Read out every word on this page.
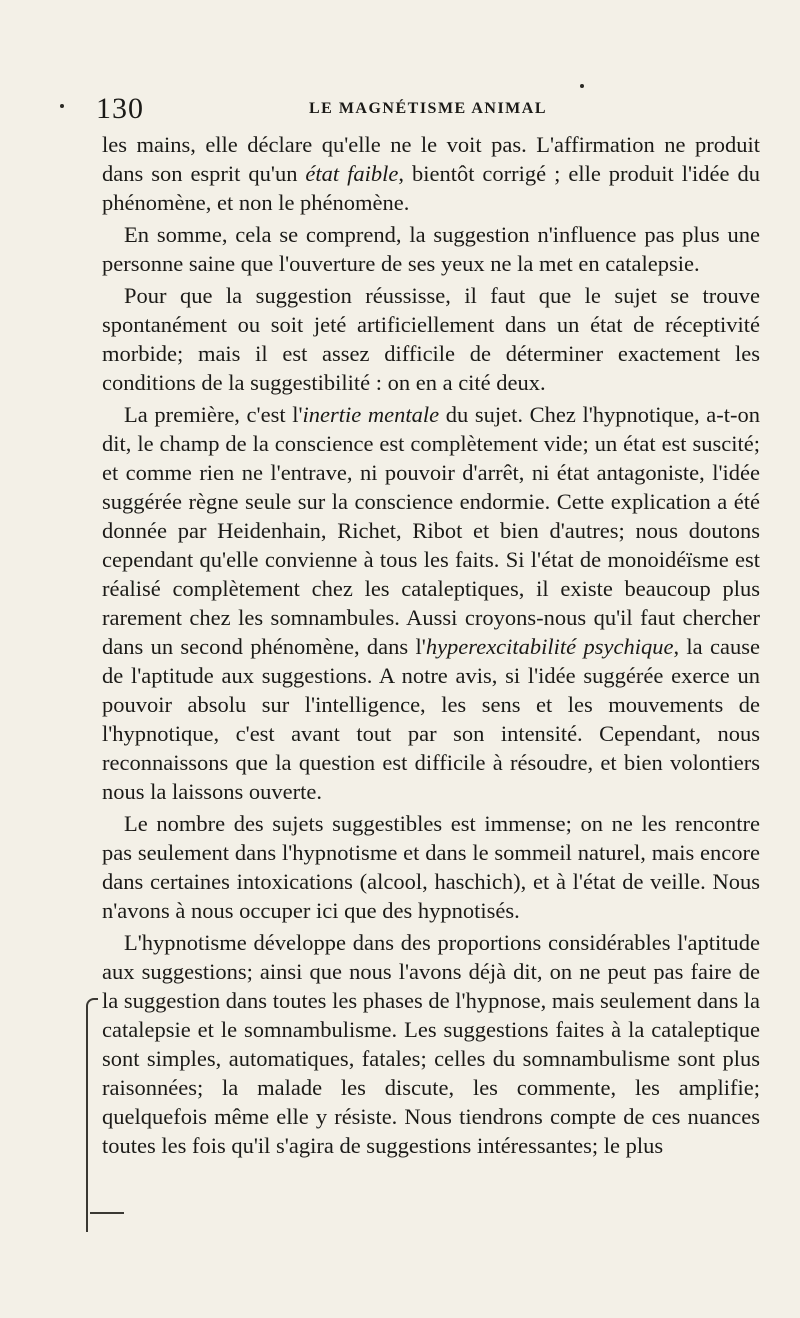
130	LE MAGNÉTISME ANIMAL

les mains, elle déclare qu'elle ne le voit pas. L'affirmation ne produit dans son esprit qu'un état faible, bientôt corrigé ; elle produit l'idée du phénomène, et non le phénomène.

En somme, cela se comprend, la suggestion n'influence pas plus une personne saine que l'ouverture de ses yeux ne la met en catalepsie.

Pour que la suggestion réussisse, il faut que le sujet se trouve spontanément ou soit jeté artificiellement dans un état de réceptivité morbide; mais il est assez difficile de déterminer exactement les conditions de la suggestibilité : on en a cité deux.

La première, c'est l'inertie mentale du sujet. Chez l'hypnotique, a-t-on dit, le champ de la conscience est complètement vide; un état est suscité; et comme rien ne l'entrave, ni pouvoir d'arrêt, ni état antagoniste, l'idée suggérée règne seule sur la conscience endormie. Cette explication a été donnée par Heidenhain, Richet, Ribot et bien d'autres; nous doutons cependant qu'elle convienne à tous les faits. Si l'état de monoidéïsme est réalisé complètement chez les cataleptiques, il existe beaucoup plus rarement chez les somnambules. Aussi croyons-nous qu'il faut chercher dans un second phénomène, dans l'hyperexcitabilité psychique, la cause de l'aptitude aux suggestions. A notre avis, si l'idée suggérée exerce un pouvoir absolu sur l'intelligence, les sens et les mouvements de l'hypnotique, c'est avant tout par son intensité. Cependant, nous reconnaissons que la question est difficile à résoudre, et bien volontiers nous la laissons ouverte.

Le nombre des sujets suggestibles est immense; on ne les rencontre pas seulement dans l'hypnotisme et dans le sommeil naturel, mais encore dans certaines intoxications (alcool, haschich), et à l'état de veille. Nous n'avons à nous occuper ici que des hypnotisés.

L'hypnotisme développe dans des proportions considérables l'aptitude aux suggestions; ainsi que nous l'avons déjà dit, on ne peut pas faire de la suggestion dans toutes les phases de l'hypnose, mais seulement dans la catalepsie et le somnambulisme. Les suggestions faites à la cataleptique sont simples, automatiques, fatales; celles du somnambulisme sont plus raisonnées; la malade les discute, les commente, les amplifie; quelquefois même elle y résiste. Nous tiendrons compte de ces nuances toutes les fois qu'il s'agira de suggestions intéressantes; le plus
